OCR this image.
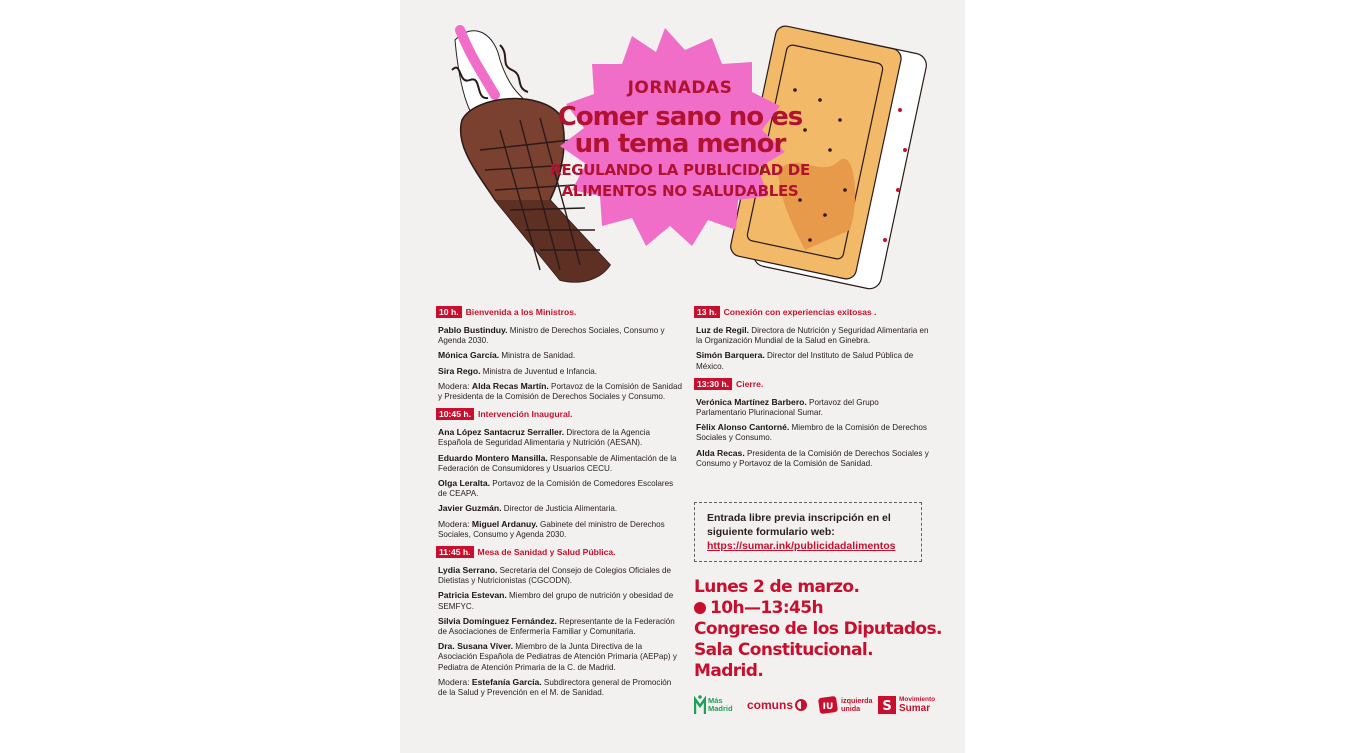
JORNADAS
Comer sano no es
un tema menor
REGULANDO LA PUBLICIDAD DE
ALIMENTOS NO SALUDABLES
10 h. Bienvenida a los Ministros.
Pablo Bustinduy. Ministro de Derechos Sociales, Consumo y Agenda 2030.
Mónica García. Ministra de Sanidad.
Sira Rego. Ministra de Juventud e Infancia.
Modera: Alda Recas Martín. Portavoz de la Comisión de Sanidad y Presidenta de la Comisión de Derechos Sociales y Consumo.
10:45 h. Intervención Inaugural.
Ana López Santacruz Serraller. Directora de la Agencia Española de Seguridad Alimentaria y Nutrición (AESAN).
Eduardo Montero Mansilla. Responsable de Alimentación de la Federación de Consumidores y Usuarios CECU.
Olga Leralta. Portavoz de la Comisión de Comedores Escolares de CEAPA.
Javier Guzmán. Director de Justicia Alimentaria.
Modera: Miguel Ardanuy. Gabinete del ministro de Derechos Sociales, Consumo y Agenda 2030.
11:45 h. Mesa de Sanidad y Salud Pública.
Lydia Serrano. Secretaria del Consejo de Colegios Oficiales de Dietistas y Nutricionistas (CGCODN).
Patricia Estevan. Miembro del grupo de nutrición y obesidad de SEMFYC.
Silvia Domínguez Fernández. Representante de la Federación de Asociaciones de Enfermería Familiar y Comunitaria.
Dra. Susana Víver. Miembro de la Junta Directiva de la Asociación Española de Pediatras de Atención Primaria (AEPap) y Pediatra de Atención Primaria de la C. de Madrid.
Modera: Estefanía García. Subdirectora general de Promoción de la Salud y Prevención en el M. de Sanidad.
13 h. Conexión con experiencias exitosas .
Luz de Regil. Directora de Nutrición y Seguridad Alimentaria en la Organización Mundial de la Salud en Ginebra.
Simón Barquera. Director del Instituto de Salud Pública de México.
13:30 h. Cierre.
Verónica Martínez Barbero. Portavoz del Grupo Parlamentario Plurinacional Sumar.
Fèlix Alonso Cantorné. Miembro de la Comisión de Derechos Sociales y Consumo.
Alda Recas. Presidenta de la Comisión de Derechos Sociales y Consumo y Portavoz de la Comisión de Sanidad.
Entrada libre previa inscripción en el
siguiente formulario web:
https://sumar.ink/publicidadalimentos
Lunes 2 de marzo.
10h—13:45h
Congreso de los Diputados.
Sala Constitucional.
Madrid.
Más
Madrid comuns	IU
izquierda
unida	S Movimiento
Sumar
